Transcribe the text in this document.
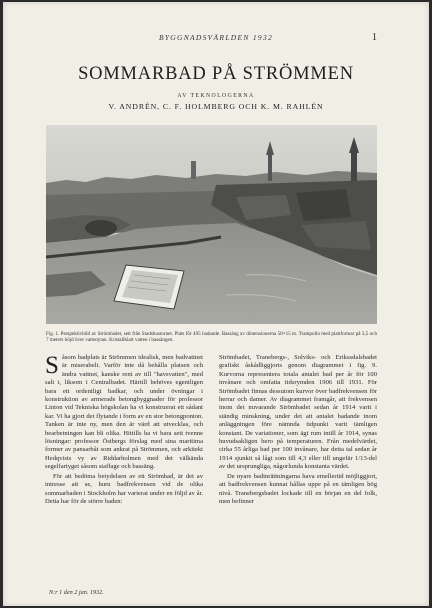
BYGGNADSVÄRLDEN 1932	1
SOMMARBAD PÅ STRÖMMEN
AV TEKNOLOGERNA
V. ANDRÉN, C. F. HOLMBERG OCH K. M. RAHLÉN
Fig. 1. Perspektivbild av Strömbadet, sett från Stadshustornet. Plats för 495 badande. Bassäng av dimensionerna 50×15 m. Trampolin med plattformar på 3,5 och 7 meters höjd över vattenytan. Kristallklart vatten i bassängen.

Såsom badplats är Strömmen idealisk, men badvattnet är miserabelt. Varför inte då behålla platsen och ändra vattnet, kanske rent av till "havsvatten", med salt i, liksom i Centralbadet. Härtill behöves egentligen bara ett ordentligt badkar, och under övningar i konstruktion av armerade betongbyggnader för professor Linton vid Tekniska högskolan ha vi konstruerat ett sådant kar. Vi ha gjort det flytande i form av en stor betongponton. Tanken är inte ny, men den är värd att utvecklas, och bearbetningen kan bli olika. Hittills ha vi bara sett tvenne lösningar: professor Östbergs förslag med sina maritima former av pansarbåt som ankrat på Strömmen, och arkitekt Hedqvists vy av Riddarholmen med det välkända segelfartyget såsom staffage och bassäng.

För att bedöma betydelsen av ett Strömbad, är det av intresse att se, huru badfrekvensen vid de olika sommarbaden i Stockholm har varierat under en följd av år. Detta har för de större baden:

Strömbadet, Tranebergs-, Solviks- och Erikssdalsbadet grafiskt åskådliggjorts genom diagrammet i fig. 9. Kurvorna representera totala antalet bad per år för 100 invånare och omfatta tidsrymden 1906 till 1931. För Strömbadet finnas dessutom kurvor över badfrekvensen för herrar och damer. Av diagrammet framgår, att frekvensen inom det nuvarande Strömbadet sedan år 1914 varit i ständig minskning, under det att antalet badande inom anläggningen före nämnda tidpunkt varit tämligen konstant. De variationer, som ägt rum intill år 1914, synas huvudsakligen bero på temperaturen. Från medelvärdet, cirka 55 årliga bad per 100 invånare, har detta tal sedan år 1914 sjunkit så lågt som till 4,3 eller till ungefär 1/13-del av det ursprungliga, någorlunda konstanta värdet.

De nyare badinrättningarna hava emellertid möjliggjort, att badfrekvensen kunnat hållas uppe på en tämligen hög nivå. Tranebergsbadet lockade till en början en del folk, men befinner

N:r 1 den 2 jan. 1932.
